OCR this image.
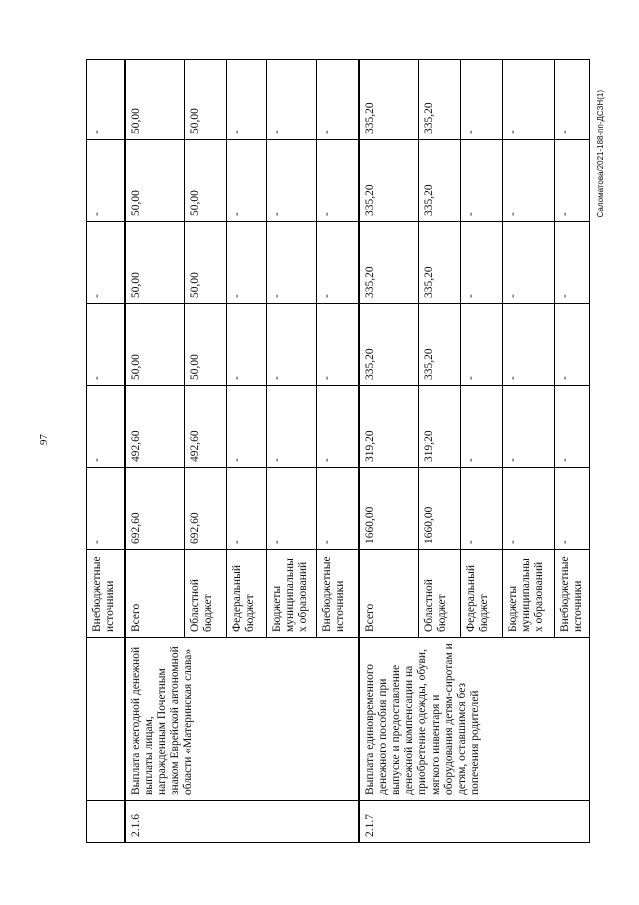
97
Саломатова/2021-188-пп-ДСЗН(1)
		Внебюджетные источники	-	-	-	-	-	-
2.1.6	Выплата ежегодной денежной выплаты лицам, награжденным Почетным знаком Еврейской автономной области «Материнская слава»	Всего	692,60	492,60	50,00	50,00	50,00	50,00
		Областной бюджет	692,60	492,60	50,00	50,00	50,00	50,00
		Федеральный бюджет	-	-	-	-	-	-
		Бюджеты муниципальных образований	-	-	-	-	-	-
		Внебюджетные источники	-	-	-	-	-	-
2.1.7	Выплата единовременного денежного пособия при выпуске и предоставление денежной компенсации на приобретение одежды, обуви, мягкого инвентаря и оборудования детям-сиротам и детям, оставшимся без попечения родителей	Всего	1660,00	319,20	335,20	335,20	335,20	335,20
		Областной бюджет	1660,00	319,20	335,20	335,20	335,20	335,20
		Федеральный бюджет	-	-	-	-	-	-
		Бюджеты муниципальных образований	-	-	-	-	-	-
		Внебюджетные источники	-	-	-	-	-	-
